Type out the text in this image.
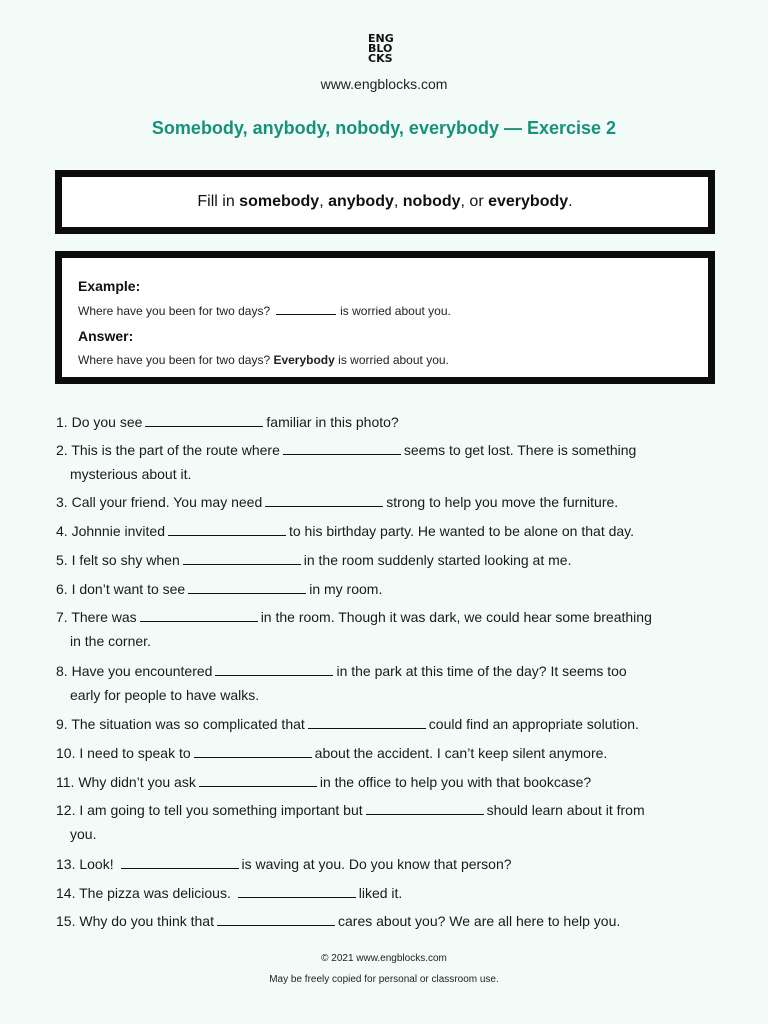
ENG
BLO
CKS
www.engblocks.com
Somebody, anybody, nobody, everybody — Exercise 2
Fill in somebody, anybody, nobody, or everybody.
Example:
Where have you been for two days?	is worried about you.
Answer:
Where have you been for two days? Everybody is worried about you.
1. Do you see	familiar in this photo?
2. This is the part of the route where	seems to get lost. There is something
mysterious about it.
3. Call your friend. You may need	strong to help you move the furniture.
4. Johnnie invited	to his birthday party. He wanted to be alone on that day.
5. I felt so shy when	in the room suddenly started looking at me.
6. I don’t want to see	in my room.
7. There was	in the room. Though it was dark, we could hear some breathing
in the corner.
8. Have you encountered	in the park at this time of the day? It seems too
early for people to have walks.
9. The situation was so complicated that	could find an appropriate solution.
10. I need to speak to	about the accident. I can’t keep silent anymore.
11. Why didn’t you ask	in the office to help you with that bookcase?
12. I am going to tell you something important but	should learn about it from
you.
13. Look!	is waving at you. Do you know that person?
14. The pizza was delicious.	liked it.
15. Why do you think that	cares about you? We are all here to help you.
© 2021 www.engblocks.com
May be freely copied for personal or classroom use.
